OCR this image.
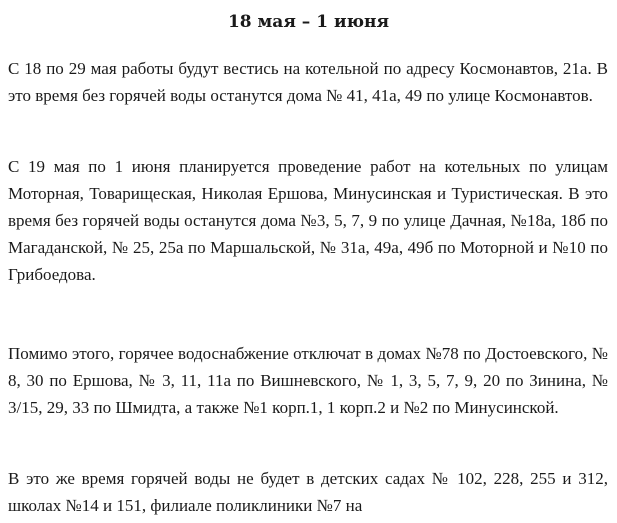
18 мая – 1 июня

С 18 по 29 мая работы будут вестись на котельной по адресу Космонавтов, 21а. В это время без горячей воды останутся дома № 41, 41а, 49 по улице Космонавтов.

С 19 мая по 1 июня планируется проведение работ на котельных по улицам Моторная, Товарищеская, Николая Ершова, Минусинская и Туристическая. В это время без горячей воды останутся дома №3, 5, 7, 9 по улице Дачная, №18а, 18б по Магаданской, № 25, 25а по Маршальской, № 31а, 49а, 49б по Моторной и №10 по Грибоедова.

Помимо этого, горячее водоснабжение отключат в домах №78 по Достоевского, № 8, 30 по Ершова, № 3, 11, 11а по Вишневского, № 1, 3, 5, 7, 9, 20 по Зинина, № 3/15, 29, 33 по Шмидта, а также №1 корп.1, 1 корп.2 и №2 по Минусинской.

В это же время горячей воды не будет в детских садах № 102, 228, 255 и 312, школах №14 и 151, филиале поликлиники №7 на
